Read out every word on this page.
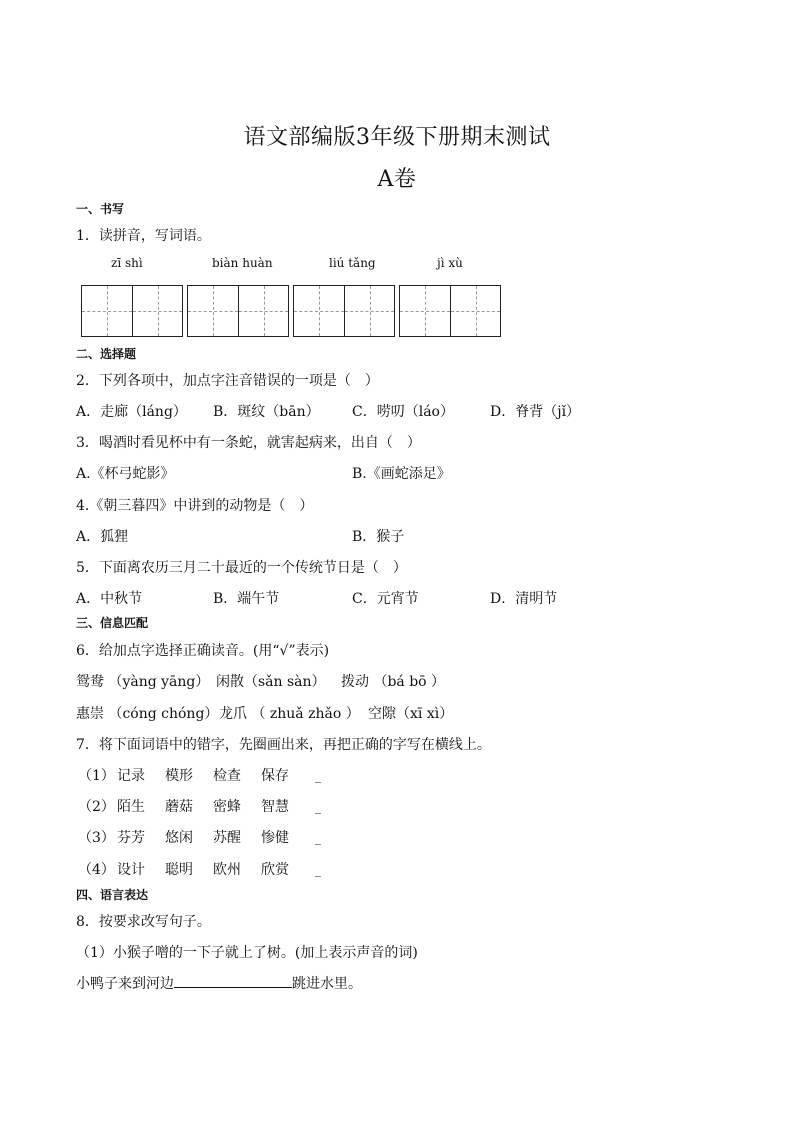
语文部编版3年级下册期末测试
A卷
一、书写
1．读拼音，写词语。
zī shì	biàn huàn	liú tǎng	jì xù
二、选择题
2．下列各项中，加点字注音错误的一项是（　）
A．走廊（láng） B．斑纹（bān） C．唠叨（láo）	D．脊背（jǐ）
3．喝酒时看见杯中有一条蛇，就害起病来，出自（　）
A.《杯弓蛇影》	B.《画蛇添足》
4.《朝三暮四》中讲到的动物是（　）
A．狐狸	B．猴子
5．下面离农历三月二十最近的一个传统节日是（　）
A．中秋节	B．端午节	C．元宵节	D．清明节
三、信息匹配
6．给加点字选择正确读音。(用“√”表示)
鸳鸯 （yàng yāng） 闲散（sǎn sàn） 拨动 （bá bō ）
惠崇 （cóng chóng） 龙爪 （ zhuǎ zhǎo ） 空隙（xī xì）
7．将下面词语中的错字，先圈画出来，再把正确的字写在横线上。
（1） 记录 模形 检查 保存 _
（2） 陌生 蘑菇 密蜂 智慧 _
（3） 芬芳 悠闲 苏醒 惨健 _
（4） 设计 聪明 欧州 欣赏 _
四、语言表达
8．按要求改写句子。
（1）小猴子噌的一下子就上了树。(加上表示声音的词)
小鸭子来到河边	跳进水里。
